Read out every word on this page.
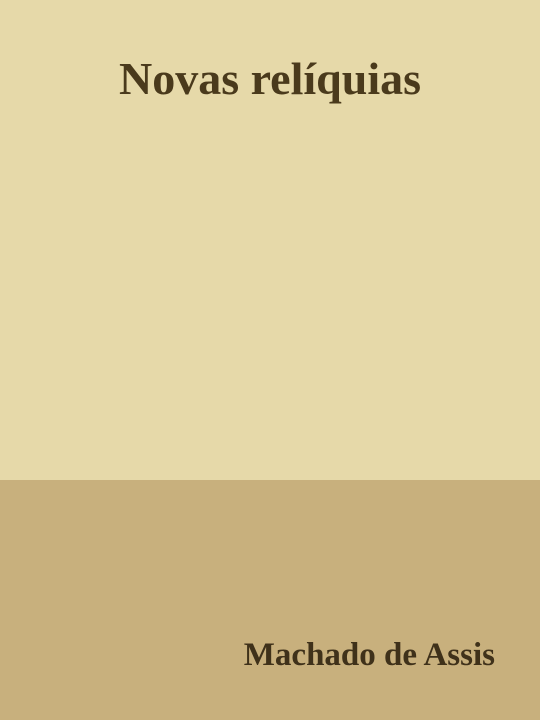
Novas relíquias
Machado de Assis
